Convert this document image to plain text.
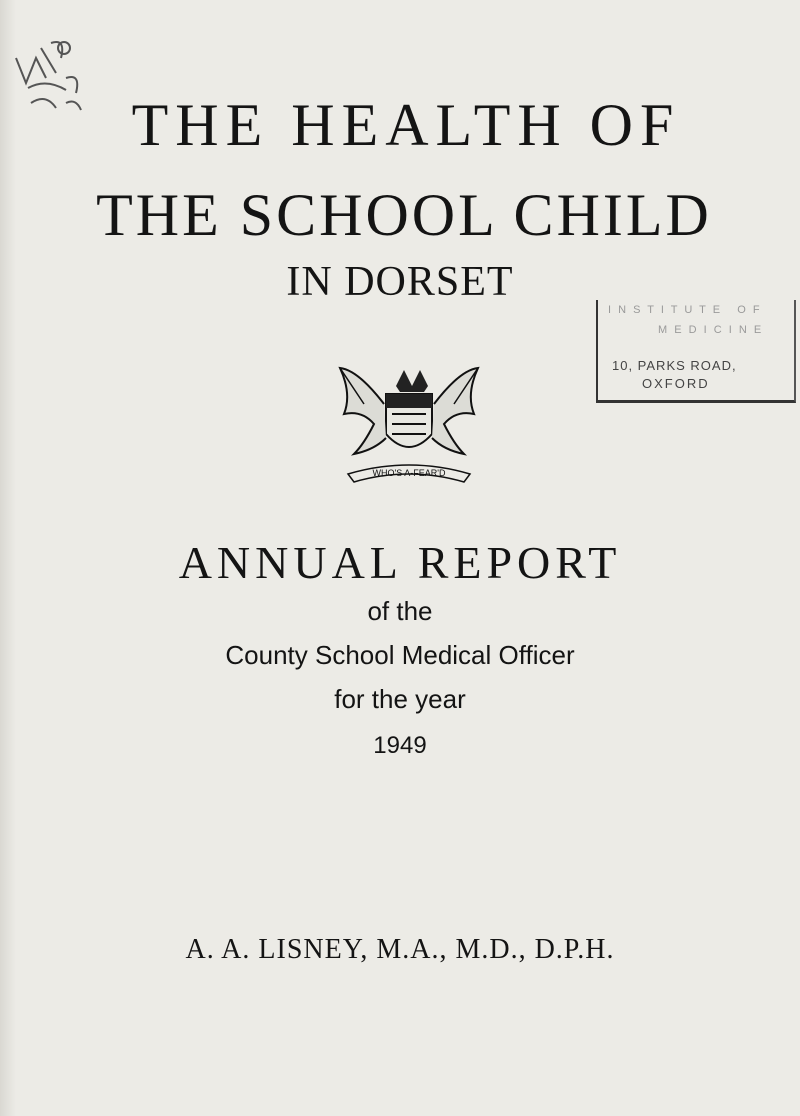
THE HEALTH OF
THE SCHOOL CHILD
IN DORSET
I N S T I T U T E   O F
M E D I C I N E
10, PARKS ROAD,
OXFORD
WHO'S A-FEAR'D
ANNUAL REPORT
of the
County School Medical Officer
for the year
1949
A. A. LISNEY, M.A., M.D., D.P.H.
